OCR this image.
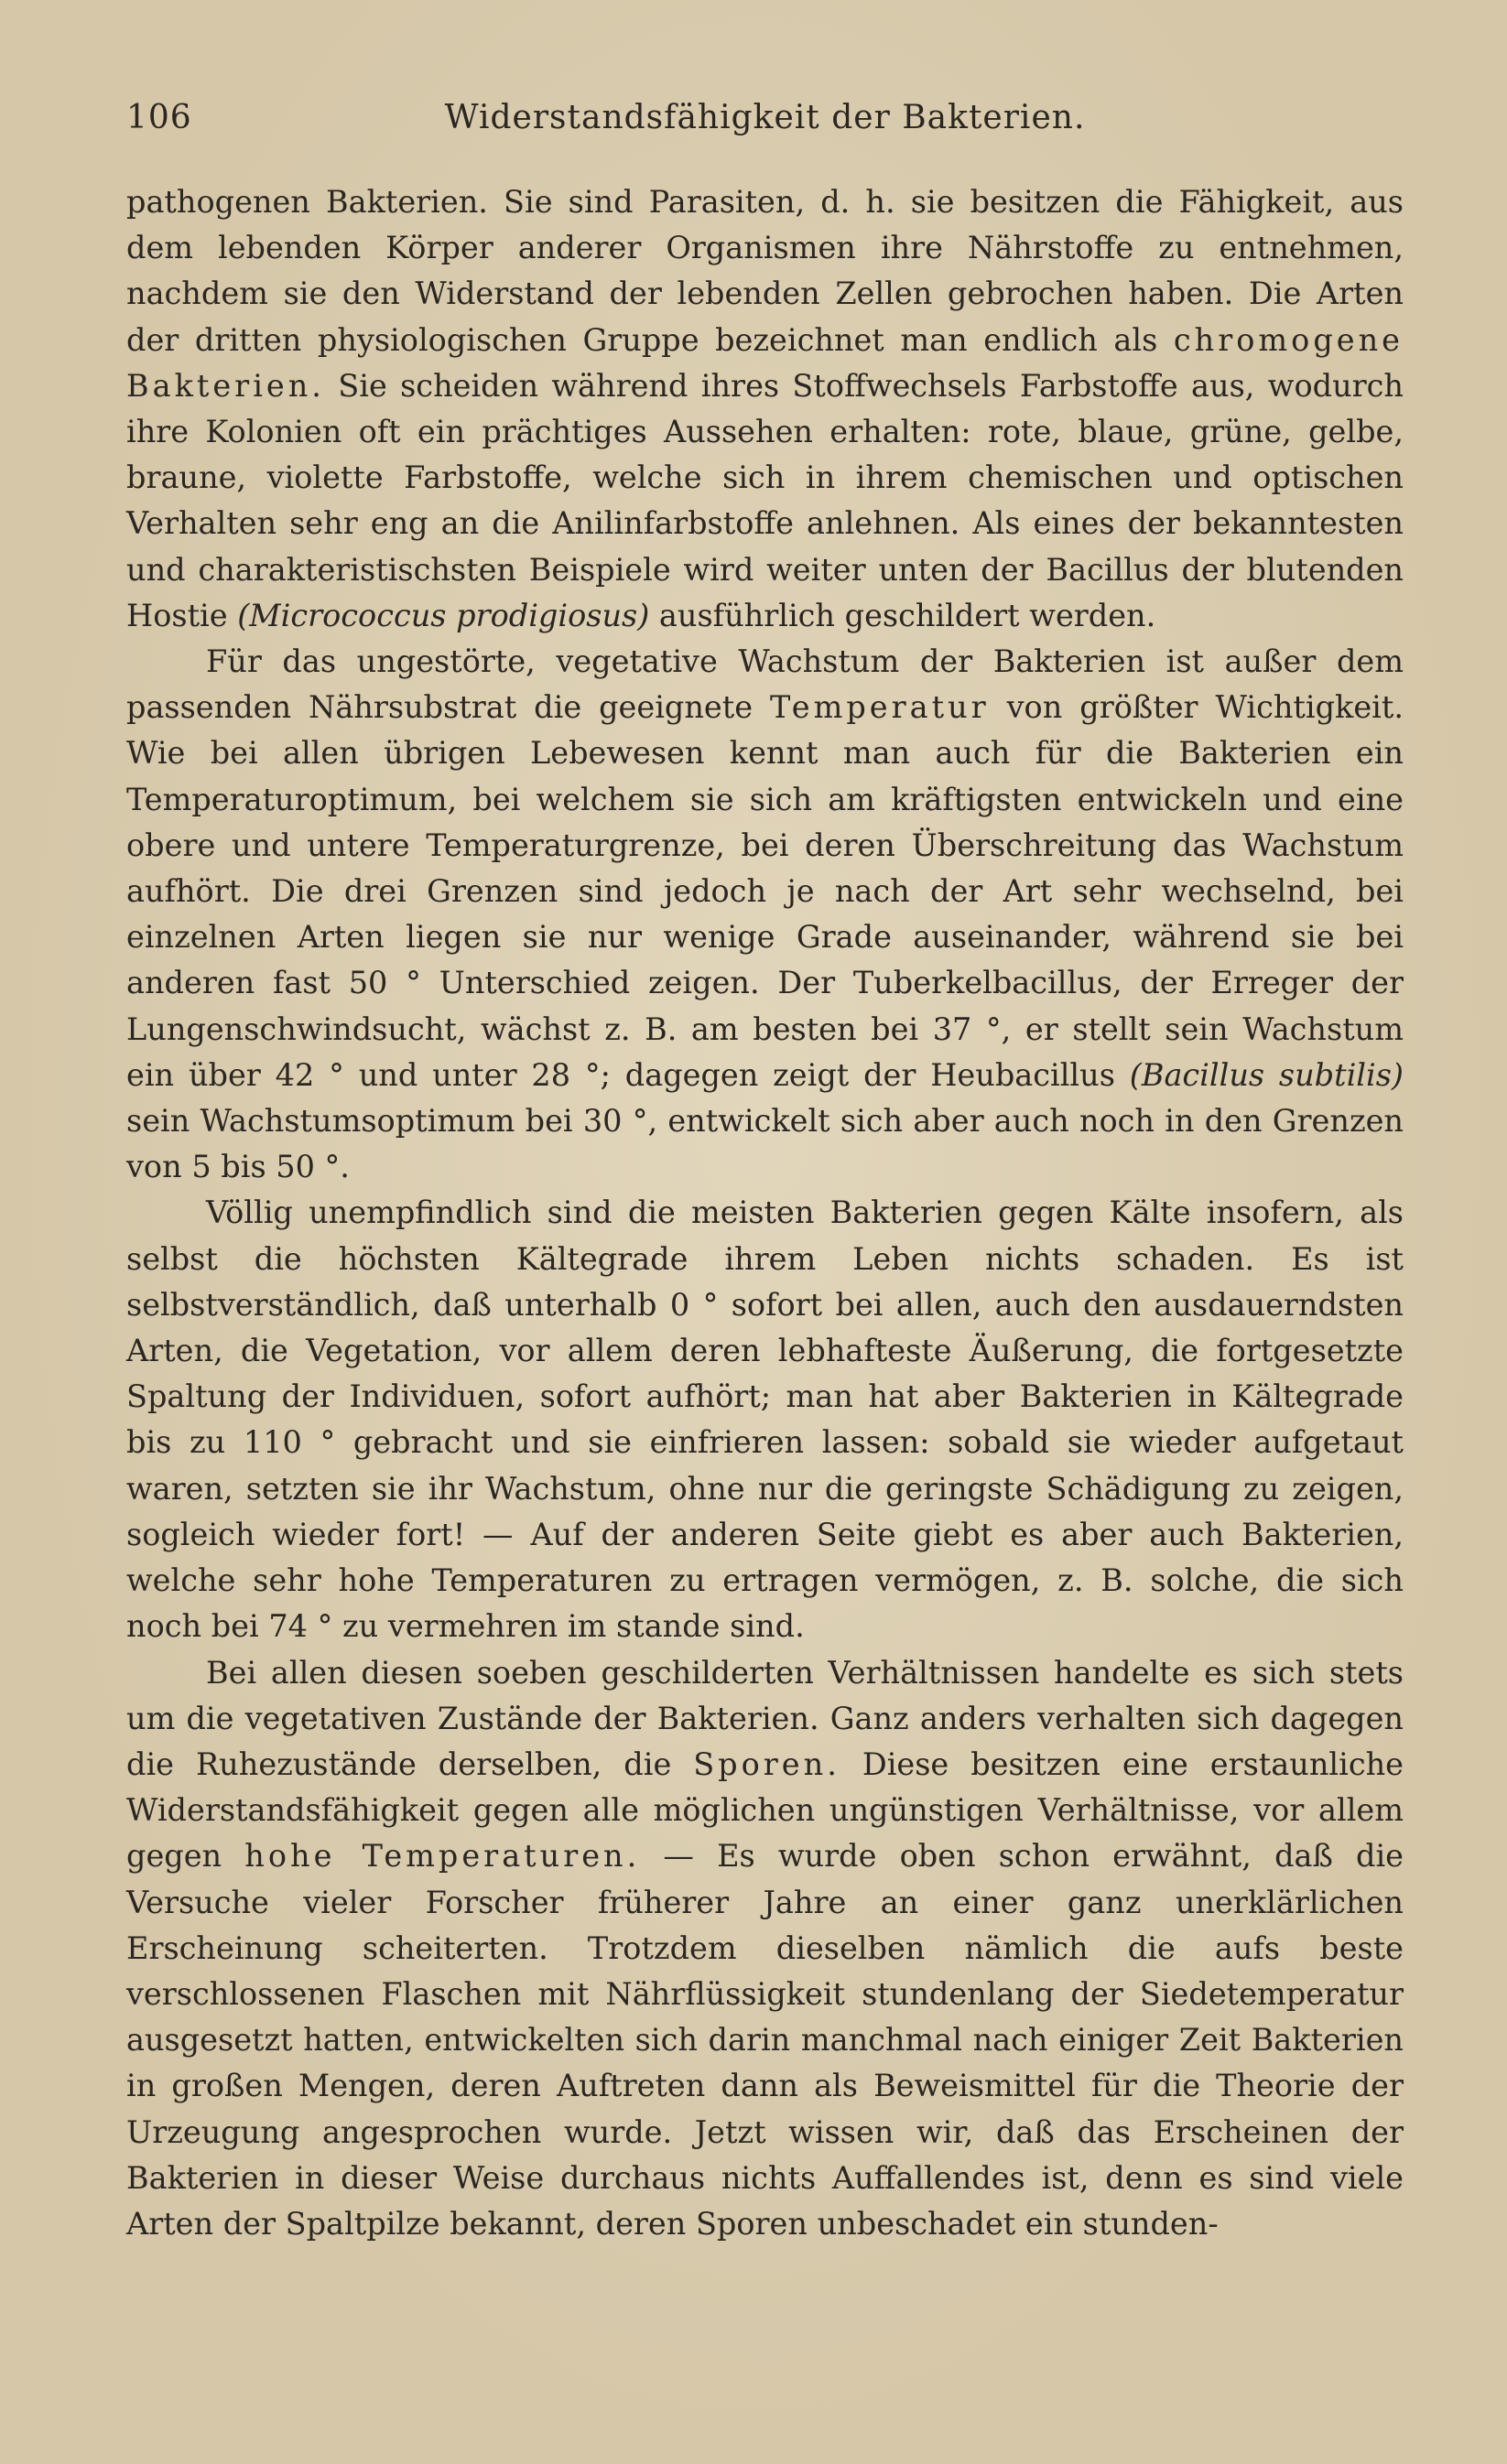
106	Widerstandsfähigkeit der Bakterien.

pathogenen Bakterien. Sie sind Parasiten, d. h. sie besitzen die Fähigkeit, aus dem lebenden Körper anderer Organismen ihre Nährstoffe zu entnehmen, nachdem sie den Widerstand der lebenden Zellen gebrochen haben. Die Arten der dritten physiologischen Gruppe bezeichnet man endlich als chromogene Bakterien. Sie scheiden während ihres Stoffwechsels Farbstoffe aus, wodurch ihre Kolonien oft ein prächtiges Aussehen erhalten: rote, blaue, grüne, gelbe, braune, violette Farbstoffe, welche sich in ihrem chemischen und optischen Verhalten sehr eng an die Anilinfarbstoffe anlehnen. Als eines der bekanntesten und charakteristischsten Beispiele wird weiter unten der Bacillus der blutenden Hostie (Micrococcus prodigiosus) ausführlich geschildert werden.

Für das ungestörte, vegetative Wachstum der Bakterien ist außer dem passenden Nährsubstrat die geeignete Temperatur von größter Wichtigkeit. Wie bei allen übrigen Lebewesen kennt man auch für die Bakterien ein Temperaturoptimum, bei welchem sie sich am kräftigsten entwickeln und eine obere und untere Temperaturgrenze, bei deren Überschreitung das Wachstum aufhört. Die drei Grenzen sind jedoch je nach der Art sehr wechselnd, bei einzelnen Arten liegen sie nur wenige Grade auseinander, während sie bei anderen fast 50 ° Unterschied zeigen. Der Tuberkelbacillus, der Erreger der Lungenschwindsucht, wächst z. B. am besten bei 37 °, er stellt sein Wachstum ein über 42 ° und unter 28 °; dagegen zeigt der Heubacillus (Bacillus subtilis) sein Wachstumsoptimum bei 30 °, entwickelt sich aber auch noch in den Grenzen von 5 bis 50 °.

Völlig unempfindlich sind die meisten Bakterien gegen Kälte insofern, als selbst die höchsten Kältegrade ihrem Leben nichts schaden. Es ist selbstverständlich, daß unterhalb 0 ° sofort bei allen, auch den ausdauerndsten Arten, die Vegetation, vor allem deren lebhafteste Äußerung, die fortgesetzte Spaltung der Individuen, sofort aufhört; man hat aber Bakterien in Kältegrade bis zu 110 ° gebracht und sie einfrieren lassen: sobald sie wieder aufgetaut waren, setzten sie ihr Wachstum, ohne nur die geringste Schädigung zu zeigen, sogleich wieder fort! — Auf der anderen Seite giebt es aber auch Bakterien, welche sehr hohe Temperaturen zu ertragen vermögen, z. B. solche, die sich noch bei 74 ° zu vermehren im stande sind.

Bei allen diesen soeben geschilderten Verhältnissen handelte es sich stets um die vegetativen Zustände der Bakterien. Ganz anders verhalten sich dagegen die Ruhezustände derselben, die Sporen. Diese besitzen eine erstaunliche Widerstandsfähigkeit gegen alle möglichen ungünstigen Verhältnisse, vor allem gegen hohe Temperaturen. — Es wurde oben schon erwähnt, daß die Versuche vieler Forscher früherer Jahre an einer ganz unerklärlichen Erscheinung scheiterten. Trotzdem dieselben nämlich die aufs beste verschlossenen Flaschen mit Nährflüssigkeit stundenlang der Siedetemperatur ausgesetzt hatten, entwickelten sich darin manchmal nach einiger Zeit Bakterien in großen Mengen, deren Auftreten dann als Beweismittel für die Theorie der Urzeugung angesprochen wurde. Jetzt wissen wir, daß das Erscheinen der Bakterien in dieser Weise durchaus nichts Auffallendes ist, denn es sind viele Arten der Spaltpilze bekannt, deren Sporen unbeschadet ein stunden-
